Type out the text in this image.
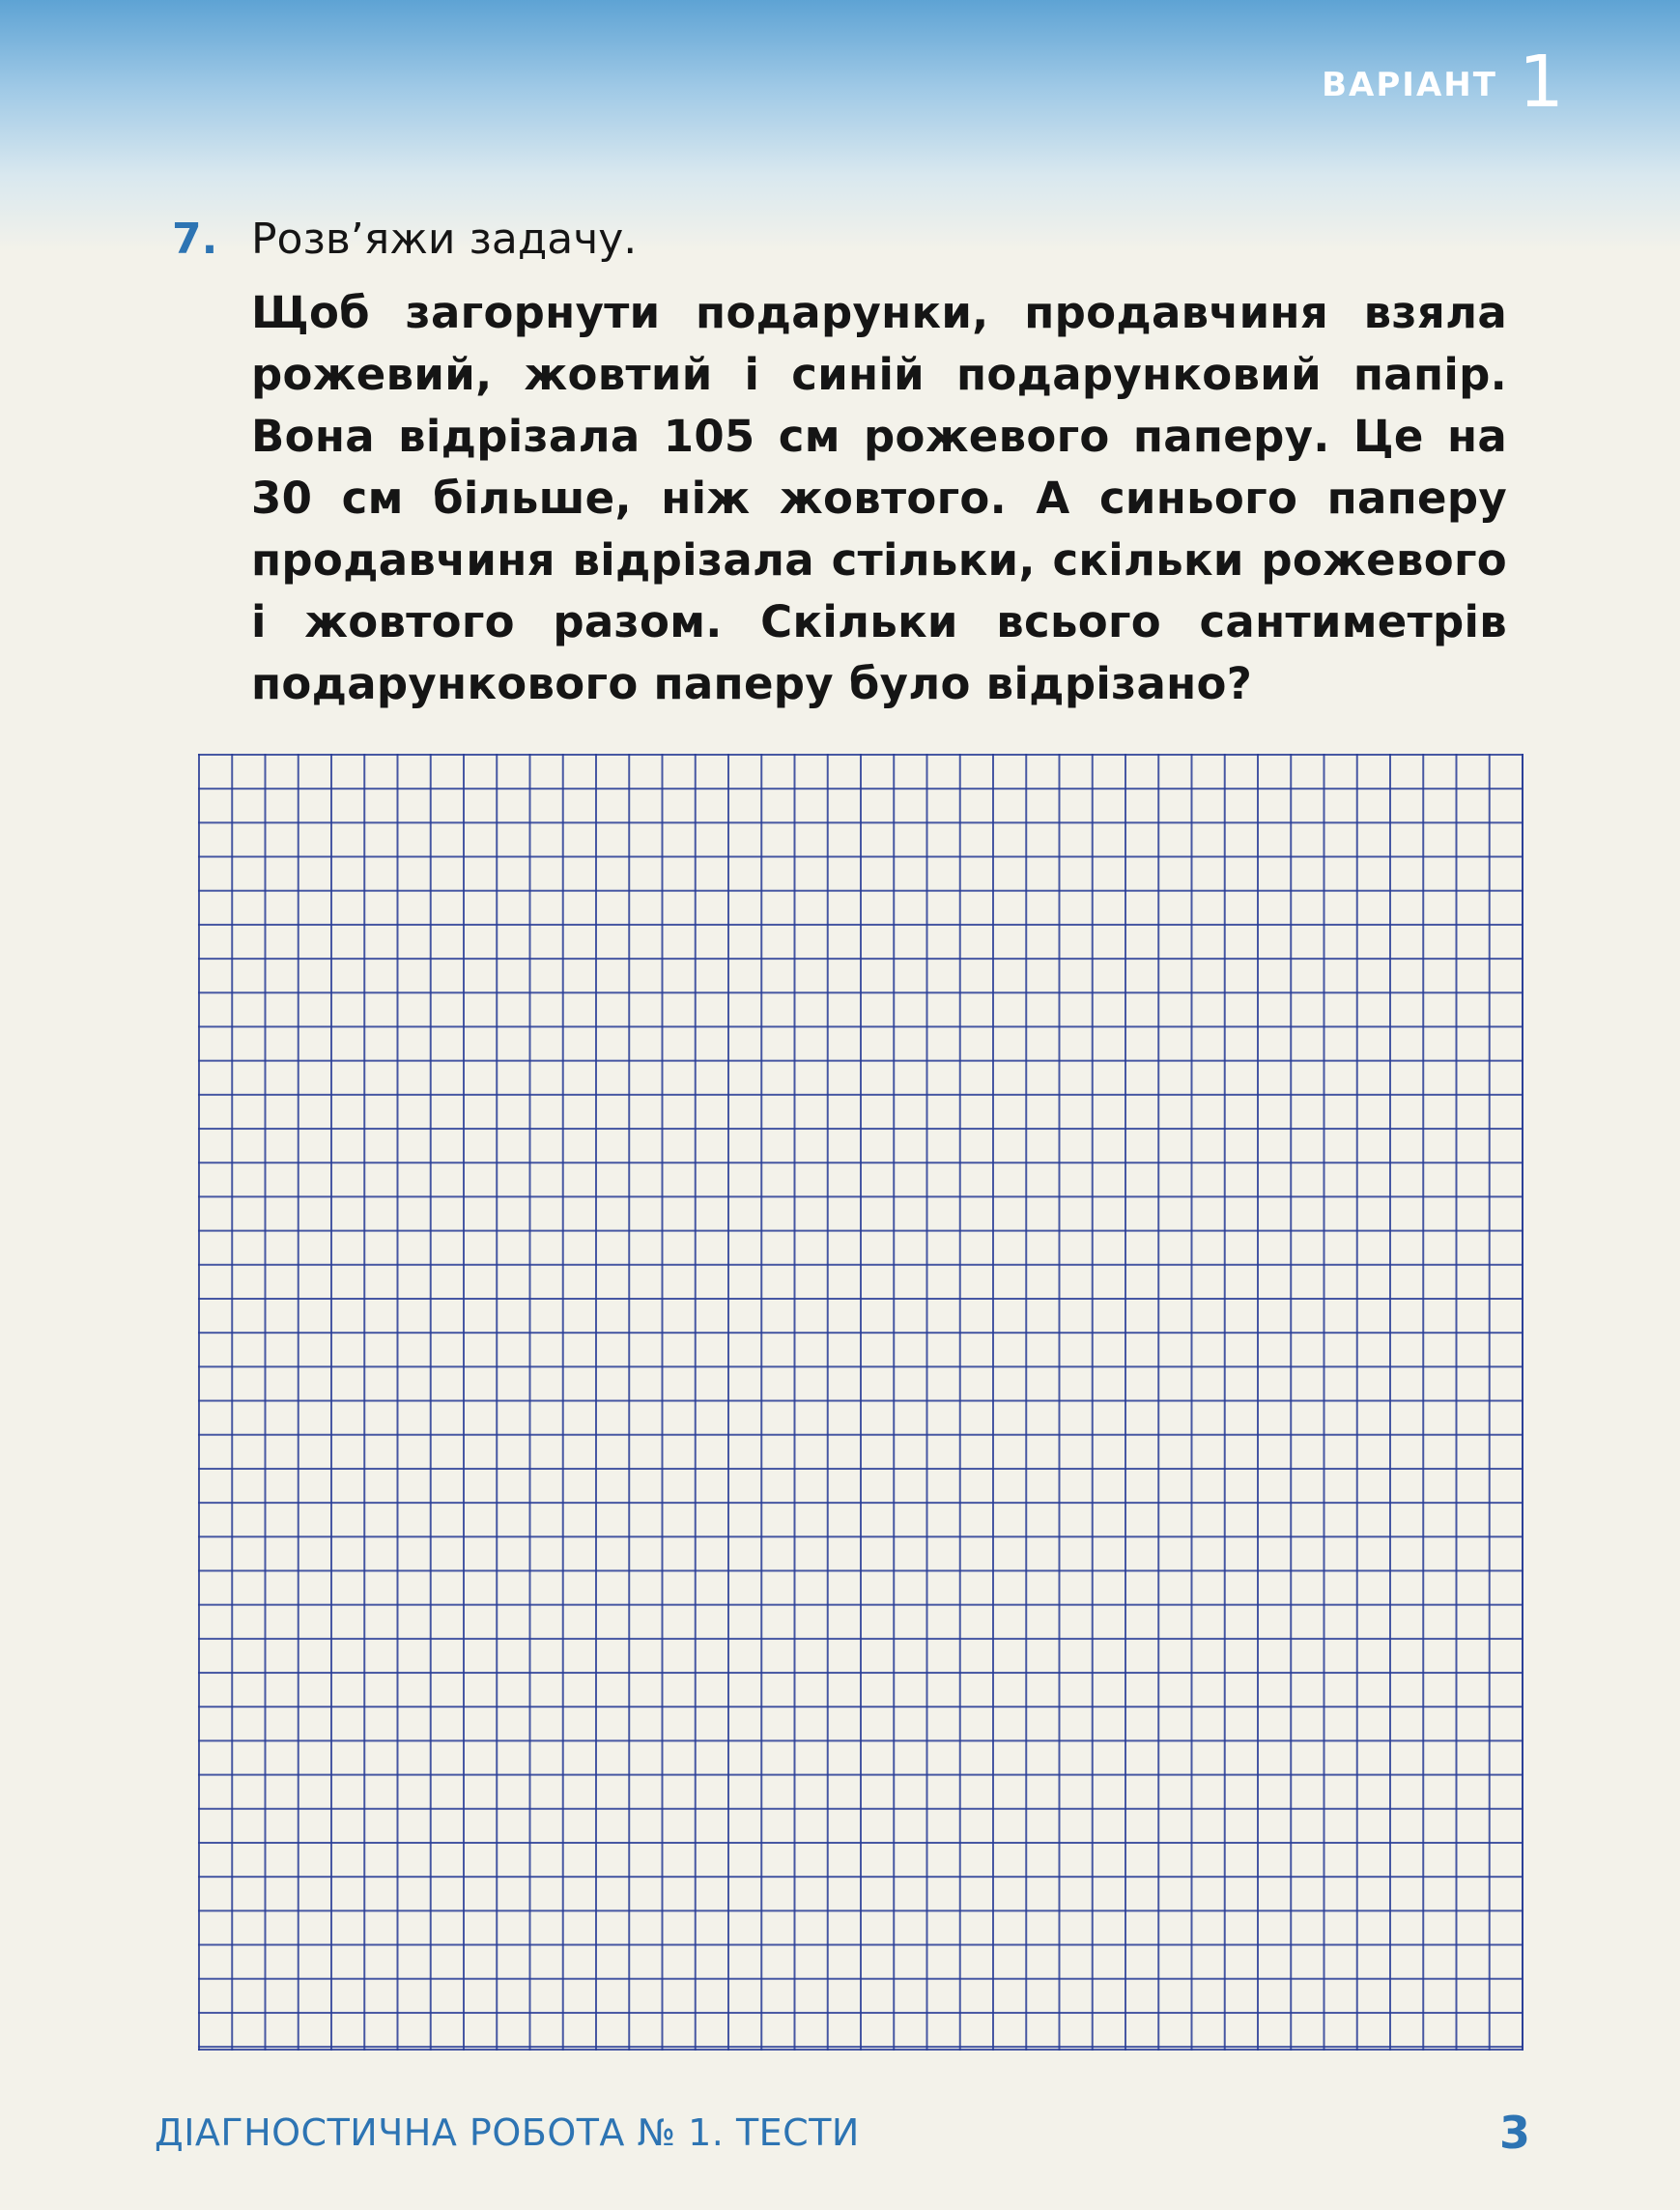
ВАРІАНТ 1
7. Розв’яжи задачу.
Щоб загорнути подарунки, продавчиня взяла рожевий, жовтий і синій подарунковий папір. Вона відрізала 105 см рожевого паперу. Це на 30 см більше, ніж жовтого. А синього паперу продавчиня відрізала стільки, скільки рожевого і жовтого разом. Скільки всього сантиметрів подарункового паперу було відрізано?
ДІАГНОСТИЧНА РОБОТА № 1. ТЕСТИ	3
